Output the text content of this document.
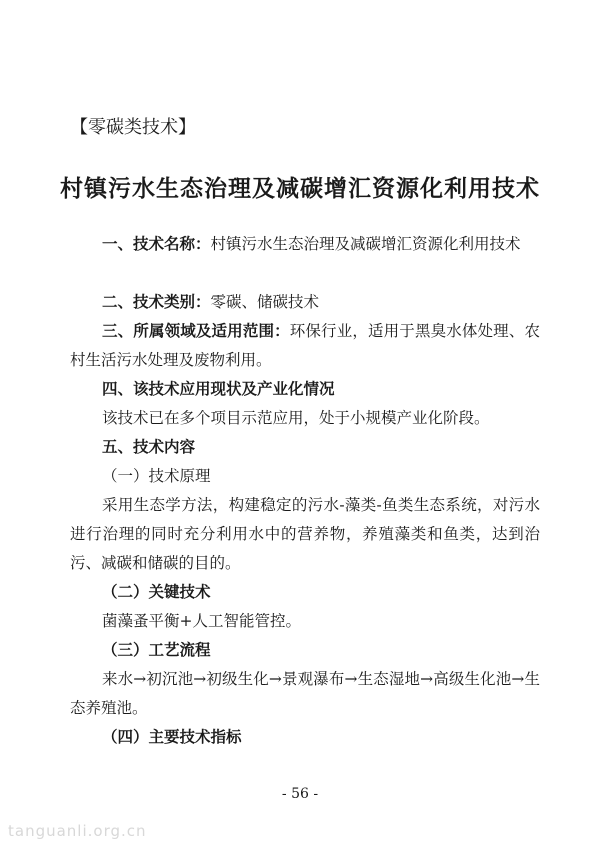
【零碳类技术】
村镇污水生态治理及减碳增汇资源化利用技术
一、技术名称：村镇污水生态治理及减碳增汇资源化利用技术
二、技术类别：零碳、储碳技术
三、所属领域及适用范围：环保行业，适用于黑臭水体处理、农村生活污水处理及废物利用。
四、该技术应用现状及产业化情况
该技术已在多个项目示范应用，处于小规模产业化阶段。
五、技术内容
（一）技术原理
采用生态学方法，构建稳定的污水-藻类-鱼类生态系统，对污水进行治理的同时充分利用水中的营养物，养殖藻类和鱼类，达到治污、减碳和储碳的目的。
（二）关键技术
菌藻蚤平衡+人工智能管控。
（三）工艺流程
来水→初沉池→初级生化→景观瀑布→生态湿地→高级生化池→生态养殖池。
（四）主要技术指标
- 56 -
tanguanli.org.cn
